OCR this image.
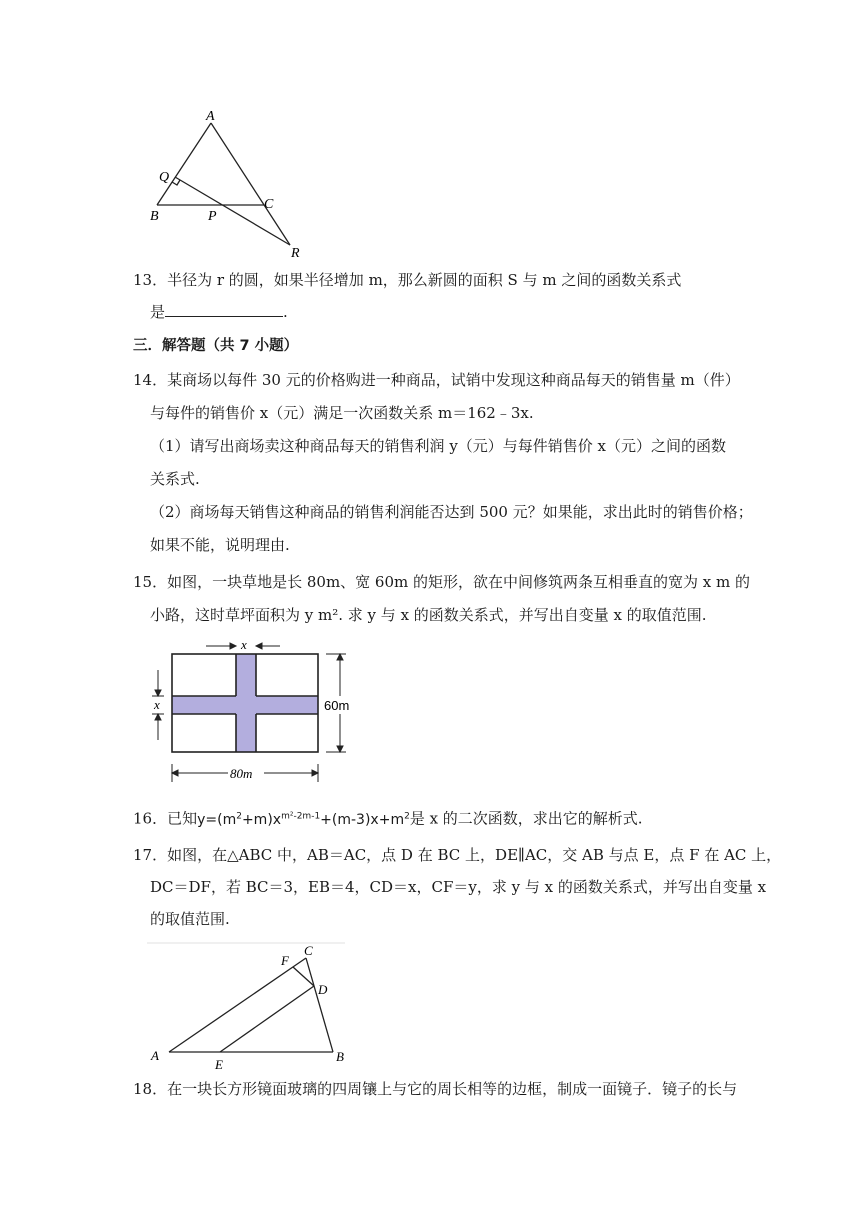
A
Q
B	P
C
R
13．半径为 r 的圆，如果半径增加 m，那么新圆的面积 S 与 m 之间的函数关系式
是	.
三．解答题（共 7 小题）
14．某商场以每件 30 元的价格购进一种商品，试销中发现这种商品每天的销售量 m（件）
与每件的销售价 x（元）满足一次函数关系 m＝162﹣3x.
（1）请写出商场卖这种商品每天的销售利润 y（元）与每件销售价 x（元）之间的函数
关系式.
（2）商场每天销售这种商品的销售利润能否达到 500 元？如果能，求出此时的销售价格；
如果不能，说明理由.
15．如图，一块草地是长 80m、宽 60m 的矩形，欲在中间修筑两条互相垂直的宽为 x m 的
小路，这时草坪面积为 y m². 求 y 与 x 的函数关系式，并写出自变量 x 的取值范围.
x
x	60m
80m
16．已知$y=(m^2+m)x^{m^2-2m-1}+(m-3)x+m^2$是 x 的二次函数，求出它的解析式.
17．如图，在△ABC 中，AB＝AC，点 D 在 BC 上，DE∥AC，交 AB 与点 E，点 F 在 AC 上，
DC＝DF，若 BC＝3，EB＝4，CD＝x，CF＝y，求 y 与 x 的函数关系式，并写出自变量 x
的取值范围.
C
F
D
A
E
B
18．在一块长方形镜面玻璃的四周镶上与它的周长相等的边框，制成一面镜子．镜子的长与
